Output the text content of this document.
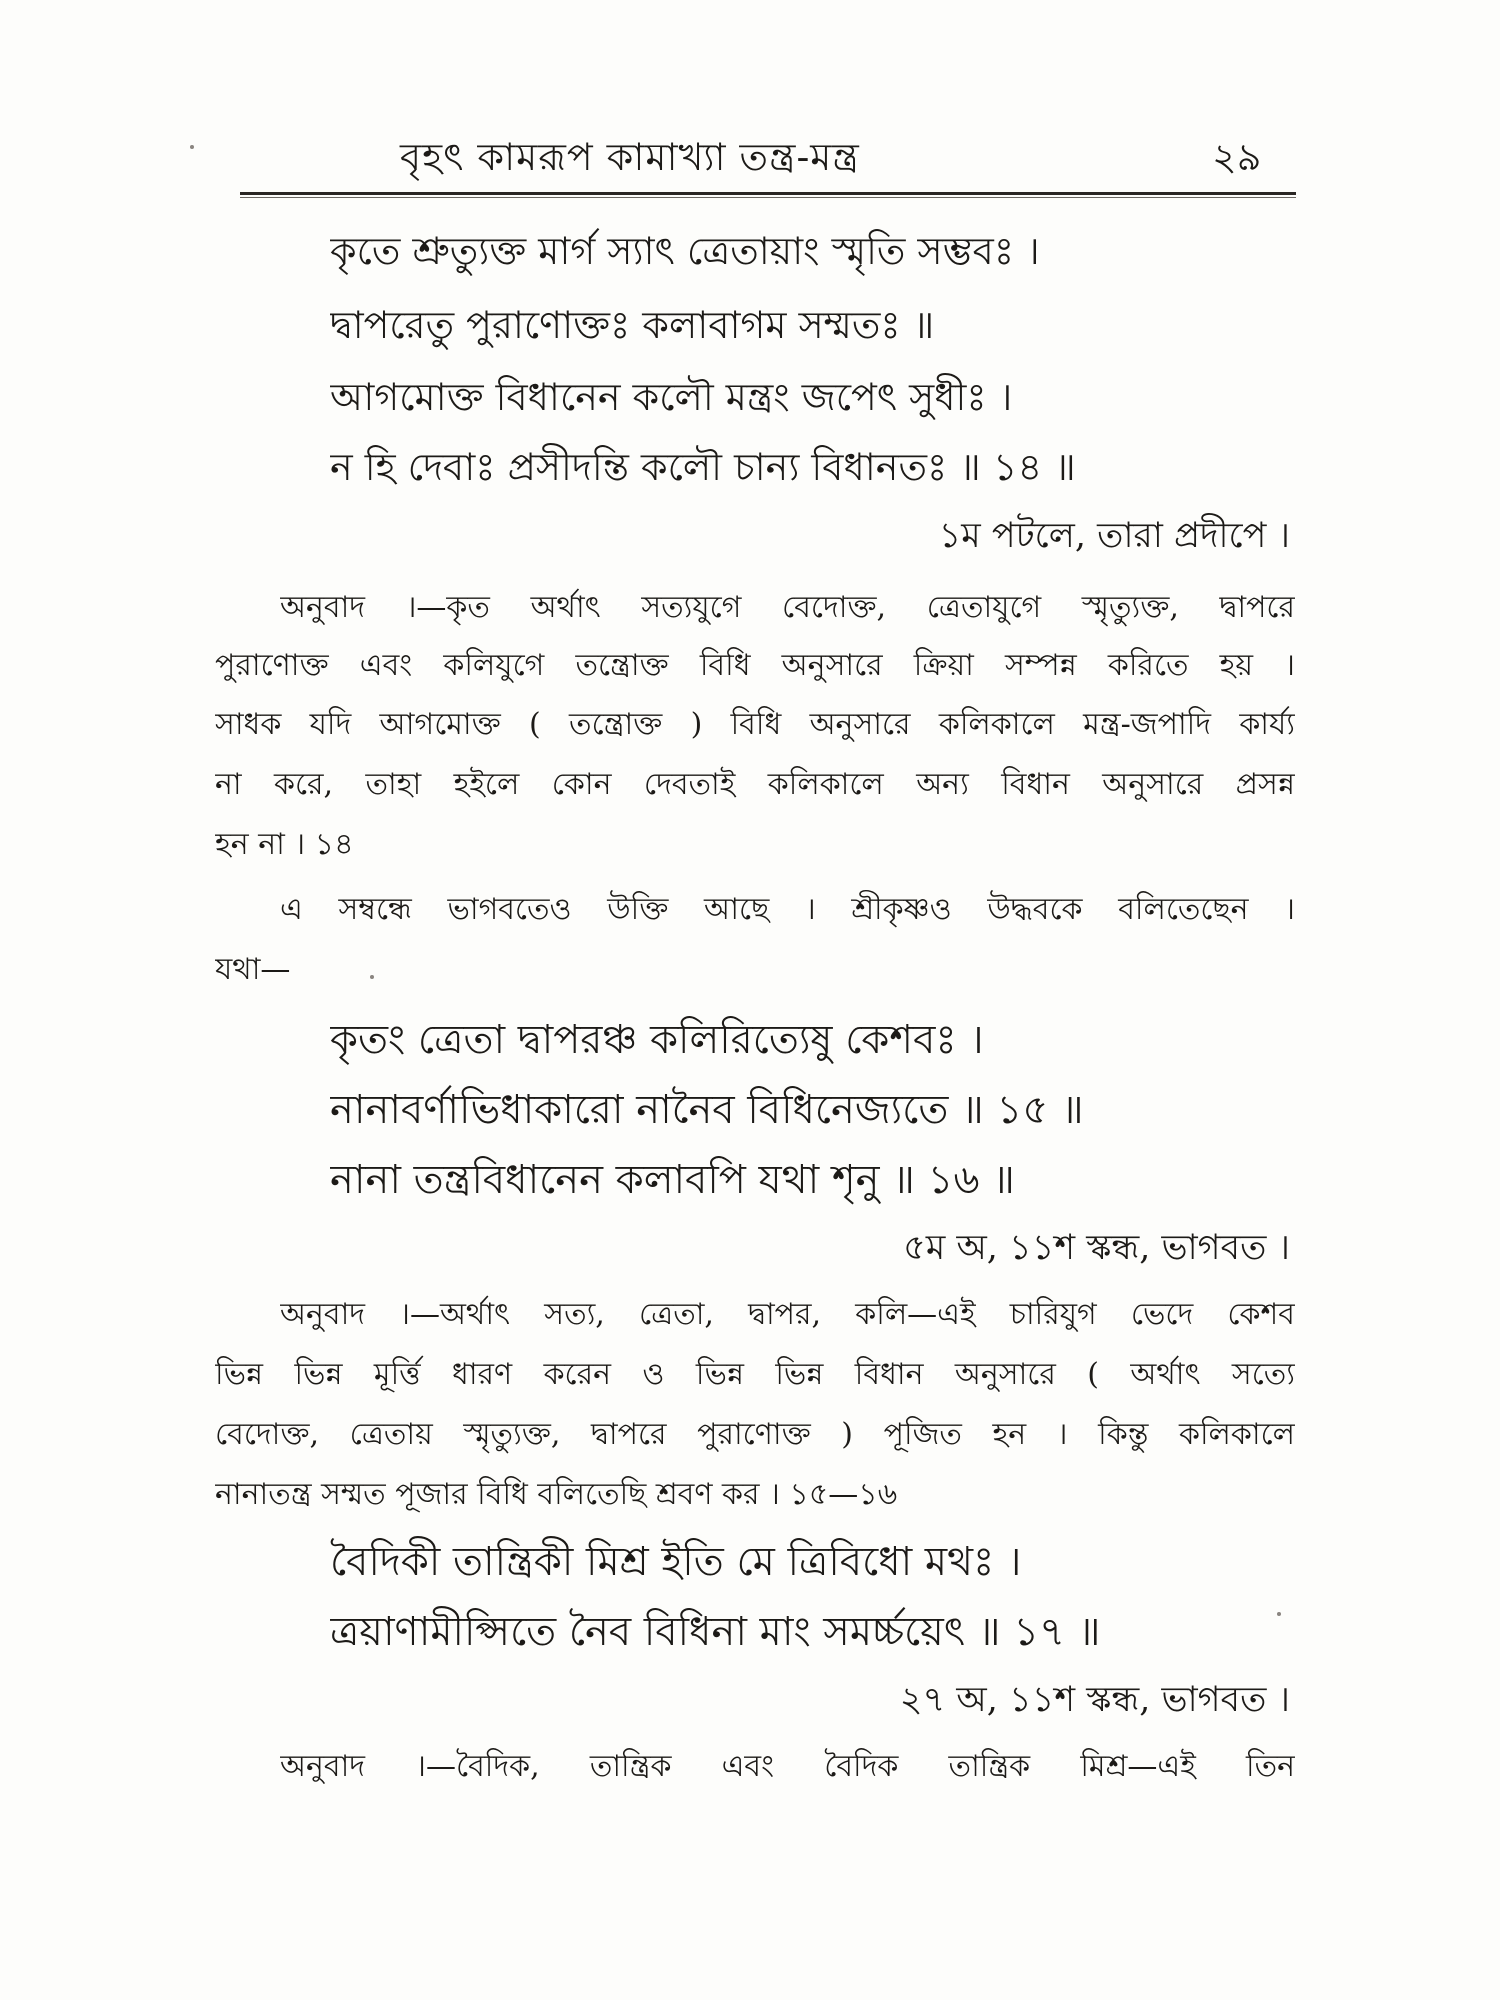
বৃহৎ কামরূপ কামাখ্যা তন্ত্র-মন্ত্র	২৯
কৃতে শ্রুত্যুক্ত মার্গ স্যাৎ ত্রেতায়াং স্মৃতি সম্ভবঃ ।
দ্বাপরেতু পুরাণোক্তঃ কলাবাগম সম্মতঃ ॥
আগমোক্ত বিধানেন কলৌ মন্ত্রং জপেৎ সুধীঃ ।
ন হি দেবাঃ প্রসীদন্তি কলৌ চান্য বিধানতঃ ॥ ১৪ ॥
১ম পটলে, তারা প্রদীপে ।
অনুবাদ ।—কৃত অর্থাৎ সত্যযুগে বেদোক্ত, ত্রেতাযুগে স্মৃত্যুক্ত, দ্বাপরে
পুরাণোক্ত এবং কলিযুগে তন্ত্রোক্ত বিধি অনুসারে ক্রিয়া সম্পন্ন করিতে হয় ।
সাধক যদি আগমোক্ত ( তন্ত্রোক্ত ) বিধি অনুসারে কলিকালে মন্ত্র-জপাদি কার্য্য
না করে, তাহা হইলে কোন দেবতাই কলিকালে অন্য বিধান অনুসারে প্রসন্ন
হন না । ১৪
এ সম্বন্ধে ভাগবতেও উক্তি আছে । শ্রীকৃষ্ণও উদ্ধবকে বলিতেছেন ।
যথা—
কৃতং ত্রেতা দ্বাপরঞ্চ কলিরিত্যেষু কেশবঃ ।
নানাবর্ণাভিধাকারো নানৈব বিধিনেজ্যতে ॥ ১৫ ॥
নানা তন্ত্রবিধানেন কলাবপি যথা শৃনু ॥ ১৬ ॥
৫ম অ, ১১শ স্কন্ধ, ভাগবত ।
অনুবাদ ।—অর্থাৎ সত্য, ত্রেতা, দ্বাপর, কলি—এই চারিযুগ ভেদে কেশব
ভিন্ন ভিন্ন মূর্ত্তি ধারণ করেন ও ভিন্ন ভিন্ন বিধান অনুসারে ( অর্থাৎ সত্যে
বেদোক্ত, ত্রেতায় স্মৃত্যুক্ত, দ্বাপরে পুরাণোক্ত ) পূজিত হন । কিন্তু কলিকালে
নানাতন্ত্র সম্মত পূজার বিধি বলিতেছি শ্রবণ কর । ১৫—১৬
বৈদিকী তান্ত্রিকী মিশ্র ইতি মে ত্রিবিধো মথঃ ।
ত্রয়াণামীপ্সিতে নৈব বিধিনা মাং সমর্চ্চয়েৎ ॥ ১৭ ॥
২৭ অ, ১১শ স্কন্ধ, ভাগবত ।
অনুবাদ ।—বৈদিক, তান্ত্রিক এবং বৈদিক তান্ত্রিক মিশ্র—এই তিন
